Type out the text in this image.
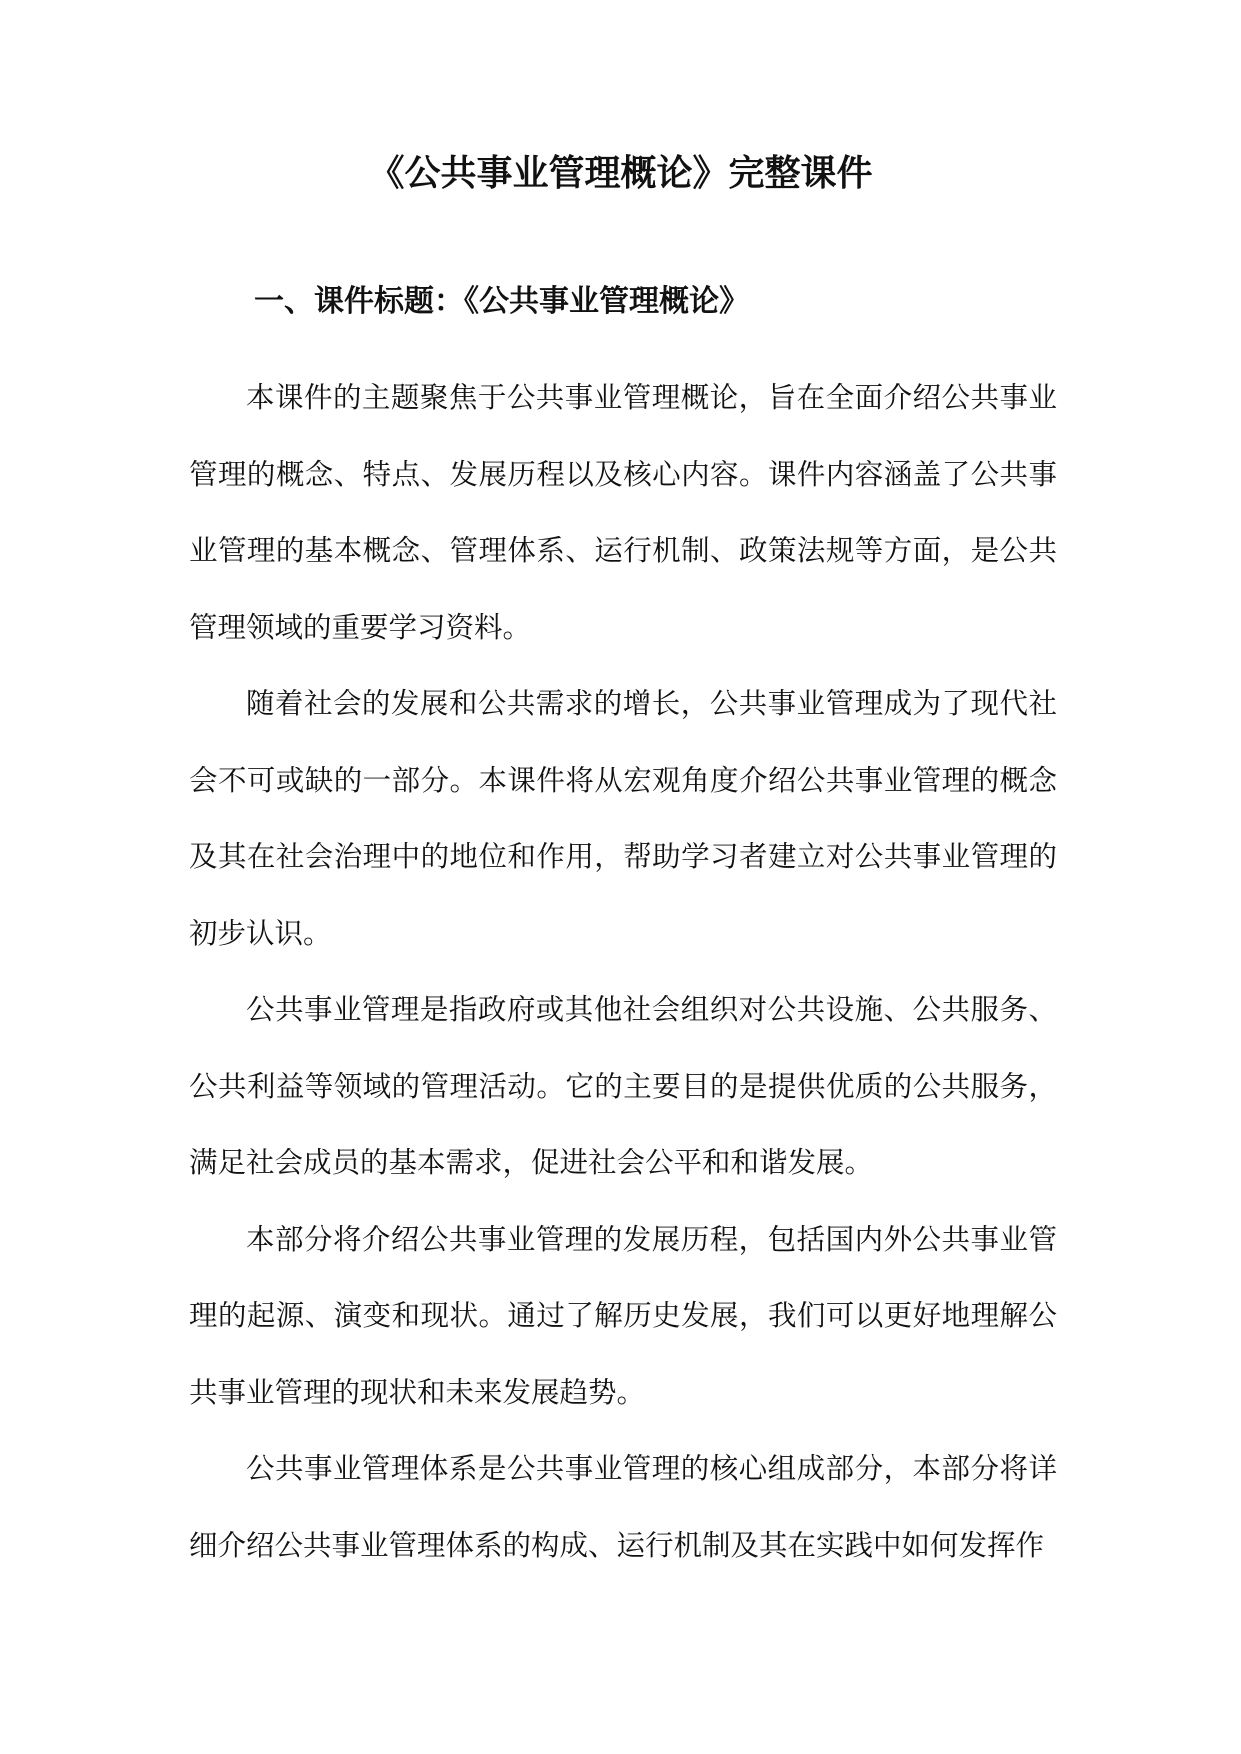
《公共事业管理概论》完整课件
一、课件标题：《公共事业管理概论》

本课件的主题聚焦于公共事业管理概论，旨在全面介绍公共事业管理的概念、特点、发展历程以及核心内容。课件内容涵盖了公共事业管理的基本概念、管理体系、运行机制、政策法规等方面，是公共管理领域的重要学习资料。

随着社会的发展和公共需求的增长，公共事业管理成为了现代社会不可或缺的一部分。本课件将从宏观角度介绍公共事业管理的概念及其在社会治理中的地位和作用，帮助学习者建立对公共事业管理的初步认识。

公共事业管理是指政府或其他社会组织对公共设施、公共服务、公共利益等领域的管理活动。它的主要目的是提供优质的公共服务，满足社会成员的基本需求，促进社会公平和和谐发展。

本部分将介绍公共事业管理的发展历程，包括国内外公共事业管理的起源、演变和现状。通过了解历史发展，我们可以更好地理解公共事业管理的现状和未来发展趋势。

公共事业管理体系是公共事业管理的核心组成部分，本部分将详细介绍公共事业管理体系的构成、运行机制及其在实践中如何发挥作
